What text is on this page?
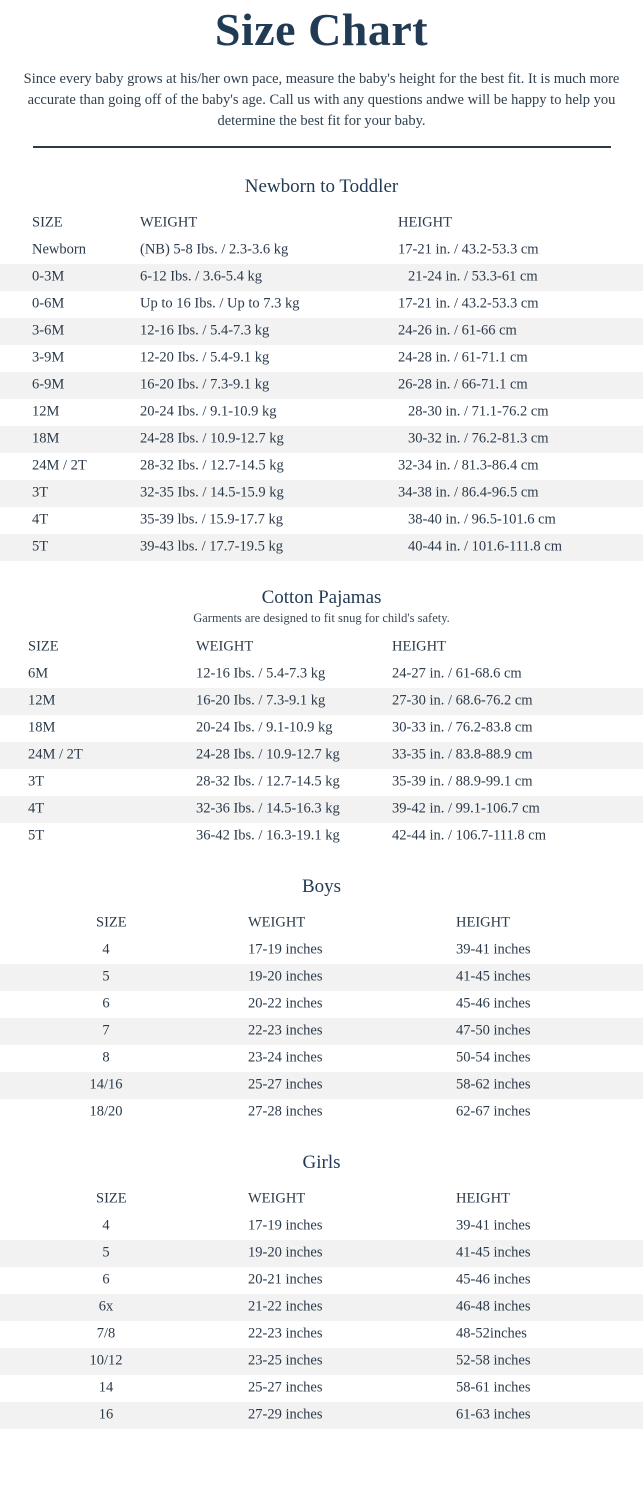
Size Chart

Since every baby grows at his/her own pace, measure the baby's height for the best fit. It is much more accurate than going off of the baby's age. Call us with any questions andwe will be happy to help you determine the best fit for your baby.

Newborn to Toddler
SIZE	WEIGHT	HEIGHT
Newborn	(NB) 5-8 Ibs. / 2.3-3.6 kg	17-21 in. / 43.2-53.3 cm
0-3M	6-12 Ibs. / 3.6-5.4 kg	21-24 in. / 53.3-61 cm
0-6M	Up to 16 Ibs. / Up to 7.3 kg	17-21 in. / 43.2-53.3 cm
3-6M	12-16 Ibs. / 5.4-7.3 kg	24-26 in. / 61-66 cm
3-9M	12-20 Ibs. / 5.4-9.1 kg	24-28 in. / 61-71.1 cm
6-9M	16-20 Ibs. / 7.3-9.1 kg	26-28 in. / 66-71.1 cm
12M	20-24 Ibs. / 9.1-10.9 kg	28-30 in. / 71.1-76.2 cm
18M	24-28 Ibs. / 10.9-12.7 kg	30-32 in. / 76.2-81.3 cm
24M / 2T	28-32 Ibs. / 12.7-14.5 kg	32-34 in. / 81.3-86.4 cm
3T	32-35 Ibs. / 14.5-15.9 kg	34-38 in. / 86.4-96.5 cm
4T	35-39 lbs. / 15.9-17.7 kg	38-40 in. / 96.5-101.6 cm
5T	39-43 lbs. / 17.7-19.5 kg	40-44 in. / 101.6-111.8 cm
Cotton Pajamas
Garments are designed to fit snug for child's safety.
SIZE	WEIGHT	HEIGHT
6M	12-16 Ibs. / 5.4-7.3 kg	24-27 in. / 61-68.6 cm
12M	16-20 Ibs. / 7.3-9.1 kg	27-30 in. / 68.6-76.2 cm
18M	20-24 Ibs. / 9.1-10.9 kg	30-33 in. / 76.2-83.8 cm
24M / 2T	24-28 Ibs. / 10.9-12.7 kg	33-35 in. / 83.8-88.9 cm
3T	28-32 Ibs. / 12.7-14.5 kg	35-39 in. / 88.9-99.1 cm
4T	32-36 Ibs. / 14.5-16.3 kg	39-42 in. / 99.1-106.7 cm
5T	36-42 Ibs. / 16.3-19.1 kg	42-44 in. / 106.7-111.8 cm
Boys
SIZE	WEIGHT	HEIGHT
4	17-19 inches	39-41 inches
5	19-20 inches	41-45 inches
6	20-22 inches	45-46 inches
7	22-23 inches	47-50 inches
8	23-24 inches	50-54 inches
14/16	25-27 inches	58-62 inches
18/20	27-28 inches	62-67 inches
Girls
SIZE	WEIGHT	HEIGHT
4	17-19 inches	39-41 inches
5	19-20 inches	41-45 inches
6	20-21 inches	45-46 inches
6x	21-22 inches	46-48 inches
7/8	22-23 inches	48-52inches
10/12	23-25 inches	52-58 inches
14	25-27 inches	58-61 inches
16	27-29 inches	61-63 inches
